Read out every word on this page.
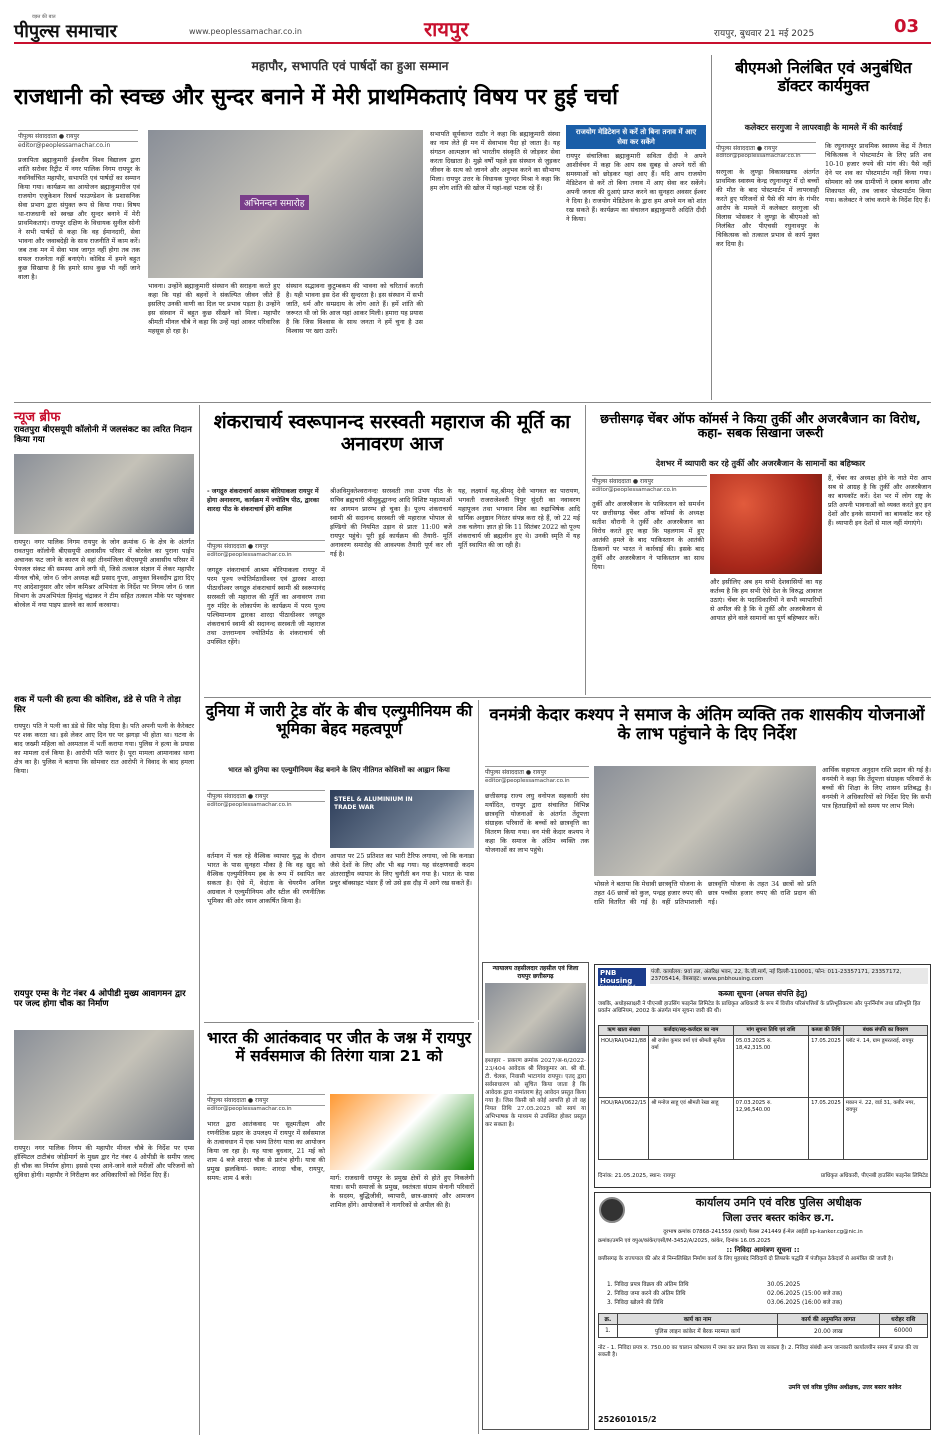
वक़्त की बात
पीपुल्स समाचार	www.peoplessamachar.co.in	रायपुर	रायपुर, बुधवार 21 मई 2025	03
महापौर, सभापति एवं पार्षदों का हुआ सम्मान
राजधानी को स्वच्छ और सुन्दर बनाने में मेरी प्राथमिकताएं विषय पर हुई चर्चा
पीपुल्स संवाददाता ● रायपुर
editor@peoplessamachar.co.in
प्रजापिता ब्रह्माकुमारी ईश्वरीय विश्व विद्यालय द्वारा शांति सरोवर रिट्रीट में नगर पालिक निगम रायपुर के नवनिर्वाचित महापौर, सभापति एवं पार्षदों का सम्मान किया गया। कार्यक्रम का आयोजन ब्रह्माकुमारीज एवं राजयोग एजुकेशन रिसर्च फाउण्डेशन के प्रशासनिक सेवा प्रभाग द्वारा संयुक्त रूप से किया गया। विषय था-राजधानी को स्वच्छ और सुन्दर बनाने में मेरी प्राथमिकताएं। रायपुर दक्षिण के विधायक सुनील सोनी ने सभी पार्षदों से कहा कि वह ईमानदारी, सेवा भावना और जवाबदेही के साथ राजनीति में काम करें। जब तक मन में सेवा भाव जागृत नहीं होगा तब तक सफल राजनेता नहीं बनाएंगे। कोविड में हमने बहुत कुछ सिखाया है कि हमारे साथ कुछ भी नहीं जाने वाला है।
अभिनन्दन समारोह
भावना। उन्होंने ब्रह्माकुमारी संस्थान की सराहना करते हुए कहा कि यहां की बहनों ने संकल्पित जीवन जीते हैं इसलिए उनकी वाणी का दिल पर प्रभाव पड़ता है। उन्होंने इस संस्थान में बहुत कुछ सीखने को मिला। महापौर श्रीमती मीनल चौबे ने कहा कि उन्हें यहां आकर परिवारिक महसूस हो रहा है।
संस्थान सद्भावना कुटुम्बकम की भावना को चरितार्थ करती है। यही भावना इस देश की सुन्दरता है। इस संस्थान में सभी जाति, धर्म और सम्प्रदाय के लोग आते हैं। हमें शांति की जरूरत थी जो कि आज यहां आकर मिली। हमारा यह प्रयास है कि जिस विश्वास के साथ जनता ने हमें चुना है उस विश्वास पर खरा उतरें।
सभापति सूर्यकान्त राठौर ने कहा कि ब्रह्माकुमारी संस्था का नाम लेते ही मन में सेवाभाव पैदा हो जाता है। यह संगठन आत्मज्ञान को भारतीय संस्कृति से जोड़कर सेवा करता दिखाता है। मुझे वर्षों पहले इस संस्थान से जुड़कर जीवन के सत्य को जानने और अनुभव करने का सौभाग्य मिला। रायपुर उत्तर के विधायक पुरन्दर मिश्रा ने कहा कि हम लोग शांति की खोज में यहां-वहां भटक रहे हैं।
राजयोग मेडिटेशन से करें तो बिना तनाव में आए सेवा कर सकेंगे
रायपुर संचालिका ब्रह्माकुमारी सविता दीदी ने अपने आशीर्वचन में कहा कि आप सब सुबह से अपने घरों की समस्याओं को छोड़कर यहां आए हैं। यदि आप राजयोग मेडिटेशन से करें तो बिना तनाव में आए सेवा कर सकेंगे। अपनी जनता की दुआएं प्राप्त करने का सुनहरा अवसर ईश्वर ने दिया है। राजयोग मेडिटेशन के द्वारा हम अपने मन को शांत रख सकते हैं। कार्यक्रम का संचालन ब्रह्माकुमारी अदिति दीदी ने किया।
बीएमओ निलंबित एवं अनुबंधित डॉक्टर कार्यमुक्त
कलेक्टर सरगुजा ने लापरवाही के मामले में की कार्रवाई
पीपुल्स संवाददाता ● रायपुर
editor@peoplessamachar.co.in
सरगुजा के लुण्ड्रा विकासखण्ड अंतर्गत प्राथमिक स्वास्थ्य केन्द्र रघुनाथपुर में दो बच्चों की मौत के बाद पोस्टमार्टम में लापरवाही करते हुए परिजनों से पैसे की मांग के गंभीर आरोप के मामले में कलेक्टर सरगुजा श्री विलास भोसकर ने लुण्ड्रा के बीएमओ को निलंबित और पीएचसी रघुनाथपुर के चिकित्सक को तत्काल प्रभाव से कार्य मुक्त कर दिया है।
कि रघुनाथपुर प्राथमिक स्वास्थ्य केंद्र में तैनात चिकित्सक ने पोस्टमार्टम के लिए प्रति शव 10-10 हजार रुपये की मांग की। पैसे नहीं देने पर शव का पोस्टमार्टम नहीं किया गया। सोमवार को जब ग्रामीणों ने दबाव बनाया और शिकायत की, तब जाकर पोस्टमार्टम किया गया। कलेक्टर ने जांच कराने के निर्देश दिए हैं।
न्यूज ब्रीफ
रावतपुरा बीएसयूपी कॉलोनी में जलसंकट का त्वरित निदान किया गया
रायपुर। नगर पालिक निगम रायपुर के जोन क्रमांक 6 के क्षेत्र के अंतर्गत रावतपुरा कॉलोनी बीएसयूपी आवासीय परिसर में बोरवेल का पुराना पाईप अचानक फट जाने के कारण से वहां तीनमंजिला बीएसयूपी आवासीय परिसर में पेयजल संकट की समस्या आने लगी थी, जिसे तत्काल संज्ञान में लेकर महापौर मीनल चौबे, जोन 6 जोन अध्यक्ष बद्री प्रसाद गुप्ता, आयुक्त विश्वदीप द्वारा दिए गए आदेशानुसार और जोन कमिश्नर अभियंता के निर्देश पर निगम जोन 6 जल विभाग के उपअभियंता हिमांशु चंद्राकर ने टीम सहित तत्काल मौके पर पहुंचकर बोरवेल में नया पाइप डालने का कार्य करवाया।
शक में पत्नी की हत्या की कोशिश, डंडे से पति ने तोड़ा सिर
रायपुर। पति ने पत्नी का डंडे से सिर फोड़ दिया है। पति अपनी पत्नी के कैरेक्टर पर शक करता था। इसे लेकर आए दिन घर पर झगड़ा भी होता था। घटना के बाद जख्मी महिला को अस्पताल में भर्ती कराया गया। पुलिस ने हत्या के प्रयास का मामला दर्ज किया है। आरोपी पति फरार है। पूरा मामला आमानाका थाना क्षेत्र का है। पुलिस ने बताया कि सोमवार रात आरोपी ने विवाद के बाद हमला किया।
रायपुर एम्स के गेट नंबर 4 ओपीडी मुख्य आवागमन द्वार पर जल्द होगा चौक का निर्माण
रायपुर। नगर पालिक निगम की महापौर मीनल चौबे के निर्देश पर एम्स हॉस्पिटल टाटीबंध जोड़ीमार्ग के मुख्य द्वार गेट नंबर 4 ओपीडी के समीप जल्द ही चौक का निर्माण होगा। इससे एम्स आने-जाने वाले मरीजों और परिजनों को सुविधा होगी। महापौर ने निरीक्षण कर अधिकारियों को निर्देश दिए हैं।
शंकराचार्य स्वरूपानन्द सरस्वती महाराज की मूर्ति का अनावरण आज
- जगद्गुरु शंकराचार्य आश्रम बोरियाकला रायपुर में होगा अनावरण, कार्यक्रम में ज्योतिष पीठ, द्वारका शारदा पीठ के शंकराचार्य होंगे शामिल
पीपुल्स संवाददाता ● रायपुर
editor@peoplessamachar.co.in
जगद्गुरु शंकराचार्य आश्रम बोरियाकला रायपुर में परम पूज्य ज्योतिर्मठाधीश्वर एवं द्वारका शारदा पीठाधीश्वर जगद्गुरु शंकराचार्य स्वामी श्री स्वरूपानंद सरस्वती जी महाराज की मूर्ति का अनावरण तथा गुरु मंदिर के लोकार्पण के कार्यक्रम में परम पूज्य पश्चिमाम्नाय द्वारका शारदा पीठाधीश्वर जगद्गुरु शंकराचार्य स्वामी श्री सदानन्द सरस्वती जी महाराज तथा उत्तराम्नाय ज्योतिर्मठ के शंकराचार्य जी उपस्थित रहेंगे।
श्रीअविमुक्तेश्वरानन्दः सरस्वती तथा उभय पीठ के सचिव ब्रह्मचारी श्रीसुबुद्धानन्द आदि विशिष्ट महात्माओं का आगमन प्रारम्भ हो चुका है। पूज्य शंकराचार्य स्वामी श्री सदानन्द सरस्वती जी महाराज भोपाल से इण्डिगो की नियमित उड़ान से प्रातः 11:00 बजे रायपुर पहुंचे। पूरी हुई कार्यक्रम की तैयारी- मूर्ति अनावरण समारोह की आवश्यक तैयारी पूर्ण कर ली गई है।
यह, लक्ष्यार्थ यह,श्रीमद् देवी भागवत का पारायण, भगवती राजराजेश्वरी त्रिपुर सुंदरी का नवावरण महापूजन तथा भगवान शिव का रुद्राभिषेक आदि धार्मिक अनुष्ठान निरंतर संपन्न करा रहे हैं, जो 22 मई तक चलेगा। ज्ञात हो कि 11 सितंबर 2022 को पूज्य शंकराचार्य जी ब्रह्मलीन हुए थे। उनकी स्मृति में यह मूर्ति स्थापित की जा रही है।
छत्तीसगढ़ चेंबर ऑफ कॉमर्स ने किया तुर्की और अजरबैजान का विरोध, कहा- सबक सिखाना जरूरी
देशभर में व्यापारी कर रहे तुर्की और अजरबैजान के सामानों का बहिष्कार
पीपुल्स संवाददाता ● रायपुर
editor@peoplessamachar.co.in
तुर्की और अजरबैजान के पाकिस्तान को समर्थन पर छत्तीसगढ़ चेंबर ऑफ कॉमर्स के अध्यक्ष सतीश थौरानी ने तुर्की और अजरबैजान का विरोध करते हुए कहा कि पहलगाम में हुए आतंकी हमले के बाद पाकिस्तान के आतंकी ठिकानों पर भारत ने कार्रवाई की। इसके बाद तुर्की और अजरबैजान ने पाकिस्तान का साथ दिया।
और इसीलिए अब हम सभी देशवासियों का यह कर्तव्य है कि हम सभी ऐसे देश के विरुद्ध आवाज उठाएं। चेंबर के पदाधिकारियों ने सभी व्यापारियों से अपील की है कि वे तुर्की और अजरबैजान से आयात होने वाले सामानों का पूर्ण बहिष्कार करें।
हैं, चेंबर का अध्यक्ष होने के नाते मेरा आप सब से आग्रह है कि तुर्की और अजरबैजान का बायकॉट करें। देश भर में लोग राष्ट्र के प्रति अपनी भावनाओं को व्यक्त करते हुए इन देशों और इनके सामानों का बायकॉट कर रहे हैं। व्यापारी इन देशों से माल नहीं मंगाएंगे।
दुनिया में जारी ट्रेड वॉर के बीच एल्युमीनियम की भूमिका बेहद महत्वपूर्ण
भारत को दुनिया का एल्युमीनियम केंद्र बनाने के लिए नीतिगत कोशिशों का आह्वान किया
पीपुल्स संवाददाता ● रायपुर
editor@peoplessamachar.co.in
STEEL & ALUMINIUM IN TRADE WAR
वर्तमान में चल रहे वैश्विक व्यापार युद्ध के दौरान भारत के पास सुनहरा मौका है कि वह खुद को वैश्विक एल्युमीनियम हब के रूप में स्थापित कर सकता है। ऐसे में, वेदांता के चेयरमैन अनिल अग्रवाल ने एल्युमीनियम और स्टील की रणनीतिक भूमिका की ओर ध्यान आकर्षित किया है।
आयात पर 25 प्रतिशत का भारी टैरिफ लगाया, जो कि कनाडा जैसे देशों के लिए और भी बढ़ गया। यह संरक्षणवादी कदम अंतरराष्ट्रीय व्यापार के लिए चुनौती बन गया है। भारत के पास प्रचुर बॉक्साइट भंडार हैं जो उसे इस दौड़ में आगे रख सकते हैं।
वनमंत्री केदार कश्यप ने समाज के अंतिम व्यक्ति तक शासकीय योजनाओं के लाभ पहुंचाने के दिए निर्देश
पीपुल्स संवाददाता ● रायपुर
editor@peoplessamachar.co.in
छत्तीसगढ़ राज्य लघु वनोपज सहकारी संघ मर्यादित, रायपुर द्वारा संचालित विभिन्न छात्रवृत्ति योजनाओं के अंतर्गत तेंदूपत्ता संग्राहक परिवारों के बच्चों को छात्रवृत्ति का वितरण किया गया। वन मंत्री केदार कश्यप ने कहा कि समाज के अंतिम व्यक्ति तक योजनाओं का लाभ पहुंचे।
भोसले ने बताया कि मेधावी छात्रवृत्ति योजना के तहत 46 छात्रों को कुल, पन्द्रह हजार रुपए की राशि वितरित की गई है। वहीं प्रतिभाशाली छात्रवृत्ति योजना के तहत 34 छात्रों को प्रति छात्र पच्चीस हजार रुपए की राशि प्रदान की गई।
आर्थिक सहायता अनुदान राशि प्रदान की गई है। वनमंत्री ने कहा कि तेंदूपत्ता संग्राहक परिवारों के बच्चों की शिक्षा के लिए शासन प्रतिबद्ध है। वनमंत्री ने अधिकारियों को निर्देश दिए कि सभी पात्र हितग्राहियों को समय पर लाभ मिले।
भारत की आतंकवाद पर जीत के जश्न में रायपुर में सर्वसमाज की तिरंगा यात्रा 21 को
पीपुल्स संवाददाता ● रायपुर
editor@peoplessamachar.co.in
भारत द्वारा आतंकवाद पर सूक्ष्मतीक्ष्ण और रणनीतिक प्रहार के उपलक्ष्य में रायपुर में सर्वसमाज के तत्वावधान में एक भव्य तिरंगा यात्रा का आयोजन किया जा रहा है। यह यात्रा बुधवार, 21 मई को शाम 4 बजे शारदा चौक से प्रारंभ होगी। यात्रा की प्रमुख झलकियां- स्थान: शारदा चौक, रायपुर, समय: शाम 4 बजे।	मार्ग: राजधानी रायपुर के प्रमुख क्षेत्रों से होते हुए निकलेगी यात्रा। सभी समाजों के प्रमुख, स्वतंत्रता संग्राम सेनानी परिवारों के सदस्य, बुद्धिजीवी, व्यापारी, छात्र-छात्राएं और आमजन शामिल होंगे। आयोजकों ने नागरिकों से अपील की है।
न्यायालय तहसीलदार तहसील एवं जिला रायपुर छत्तीसगढ़
इश्तहार - प्रकरण क्रमांक 2027/अ-6/2022-23/404 आवेदक श्री शिवकुमार आ. श्री बी. टी. चेलक, निवासी भाटागांव रायपुर। एतद् द्वारा सर्वसाधारण को सूचित किया जाता है कि आवेदक द्वारा नामांतरण हेतु आवेदन प्रस्तुत किया गया है। जिस किसी को कोई आपत्ति हो तो वह नियत तिथि 27.05.2025 को स्वयं या अभिभाषक के माध्यम से उपस्थित होकर प्रस्तुत कर सकता है।
PNB Housing
Finance Limited
पंजी. कार्यालय: 9वां तल, अंतरिक्ष भवन, 22, के.जी.मार्ग, नई दिल्ली-110001, फोन: 011-23357171, 23357172, 23705414, वेबसाइट: www.pnbhousing.com
कब्जा सूचना (अचल संपत्ति हेतु)
जबकि, अधोहस्ताक्षरी ने पीएनबी हाउसिंग फाइनेंस लिमिटेड के प्राधिकृत अधिकारी के रूप में वित्तीय परिसंपत्तियों के प्रतिभूतिकरण और पुनर्निर्माण तथा प्रतिभूति हित प्रवर्तन अधिनियम, 2002 के अंतर्गत मांग सूचना जारी की थी।
ऋण खाता संख्या	कर्जदार/सह-कर्जदार का नाम	मांग सूचना तिथि एवं राशि	कब्जा की तिथि	बंधक संपत्ति का विवरण
HOU/RAI/0421/88	श्री राजेश कुमार वर्मा एवं श्रीमती सुनीता वर्मा	05.03.2025 रु. 18,42,315.00	17.05.2025	प्लॉट नं. 14, ग्राम डूमरतराई, रायपुर
HOU/RAI/0622/15	श्री मनोज साहू एवं श्रीमती रेखा साहू	07.03.2025 रु. 12,96,540.00	17.05.2025	मकान नं. 22, वार्ड 31, कबीर नगर, रायपुर
दिनांक: 21.05.2025, स्थान: रायपुर	प्राधिकृत अधिकारी, पीएनबी हाउसिंग फाइनेंस लिमिटेड
कार्यालय उमनि एवं वरिष्ठ पुलिस अधीक्षक
जिला उत्तर बस्तर कांकेर छ.ग.
दूरभाष क्रमांक 07868-241559 (कार्या) फैक्स 241449 ई-मेल आईडी sp-kanker.cg@nic.in
क्रमांक/उमनि एवं वपुअ/कांकेर/एसी/M-3452/A/2025, कांकेर, दिनांक 16.05.2025
:: निविदा आमंत्रण सूचना ::
छत्तीसगढ़ के राज्यपाल की ओर से निम्नलिखित निर्माण कार्य के लिए मुहरबंद निविदायें दो लिफाफे पद्धति में पंजीकृत ठेकेदारों से आमंत्रित की जाती है।
1. निविदा प्रपत्र विक्रय की अंतिम तिथि	30.05.2025
2. निविदा जमा करने की अंतिम तिथि	02.06.2025 (15:00 बजे तक)
3. निविदा खोलने की तिथि	03.06.2025 (16:00 बजे तक)
क्र.	कार्य का नाम	कार्य की अनुमानित लागत	धरोहर राशि
1.	पुलिस लाइन कांकेर में बैरक मरम्मत कार्य	20.00 लाख	60000
नोट - 1. निविदा प्रपत्र रु. 750.00 का चालान कोषालय में जमा कर प्राप्त किया जा सकता है। 2. निविदा संबंधी अन्य जानकारी कार्यालयीन समय में प्राप्त की जा सकती है।
उमनि एवं वरिष्ठ पुलिस अधीक्षक, उत्तर बस्तर कांकेर
252601015/2
